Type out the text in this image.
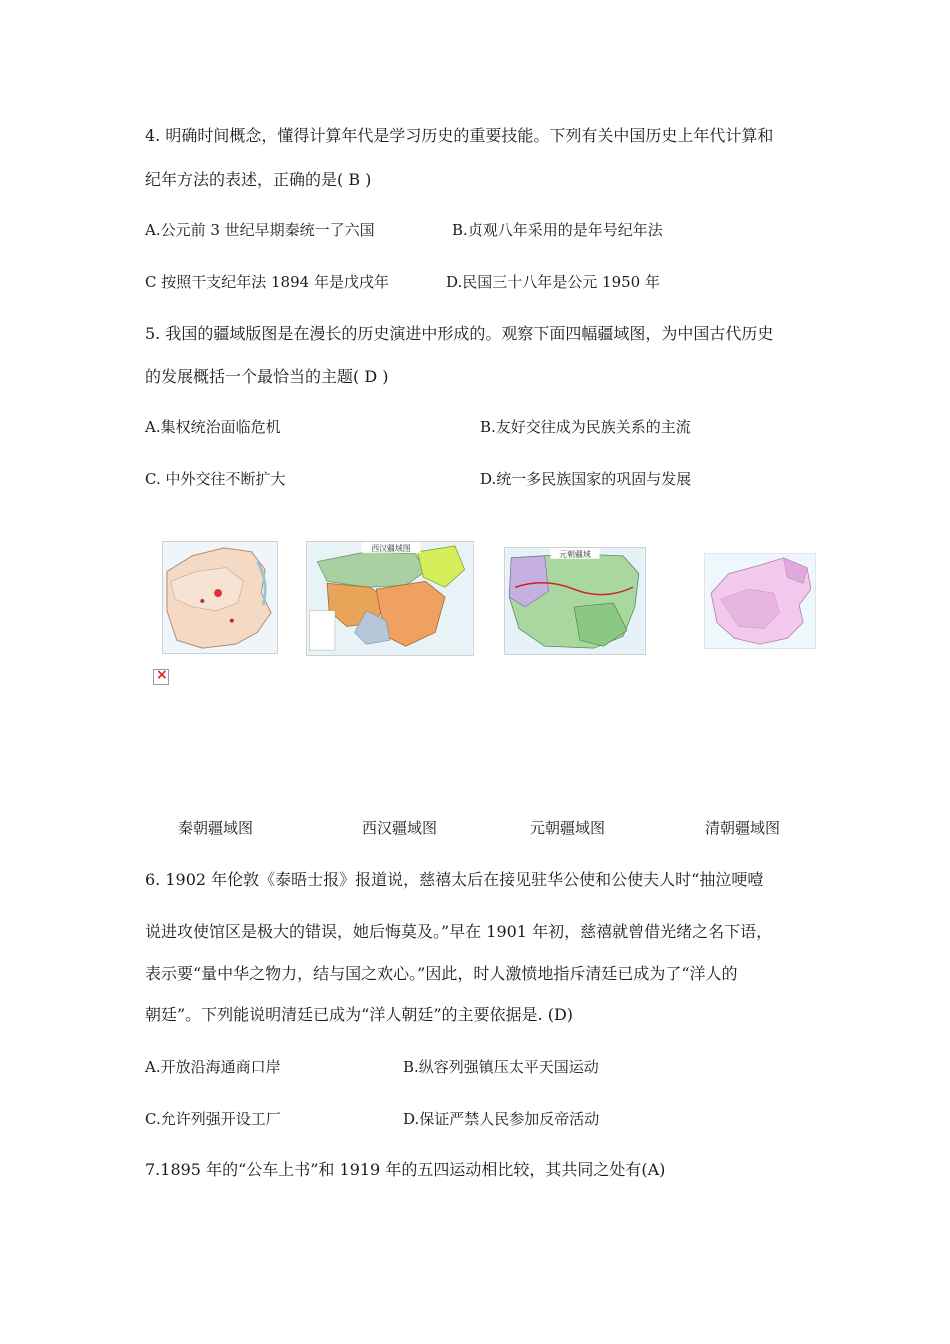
4. 明确时间概念，懂得计算年代是学习历史的重要技能。下列有关中国历史上年代计算和
纪年方法的表述，正确的是( B )
A.公元前 3 世纪早期秦统一了六国	B.贞观八年采用的是年号纪年法
C 按照干支纪年法 1894 年是戊戌年	D.民国三十八年是公元 1950 年
5. 我国的疆域版图是在漫长的历史演进中形成的。观察下面四幅疆域图，为中国古代历史
的发展概括一个最恰当的主题( D )
A.集权统治面临危机	B.友好交往成为民族关系的主流
C. 中外交往不断扩大	D.统一多民族国家的巩固与发展
西汉疆域图
元朝疆域
×
秦朝疆域图	西汉疆域图	元朝疆域图	清朝疆域图
6. 1902 年伦敦《泰晤士报》报道说，慈禧太后在接见驻华公使和公使夫人时“抽泣哽噎
说进攻使馆区是极大的错误，她后悔莫及。”早在 1901 年初，慈禧就曾借光绪之名下语，
表示要“量中华之物力，结与国之欢心。”因此，时人激愤地指斥清廷已成为了“洋人的
朝廷”。下列能说明清廷已成为“洋人朝廷”的主要依据是. (D)
A.开放沿海通商口岸	B.纵容列强镇压太平天国运动
C.允许列强开设工厂	D.保证严禁人民参加反帝活动
7.1895 年的“公车上书”和 1919 年的五四运动相比较，其共同之处有(A)
